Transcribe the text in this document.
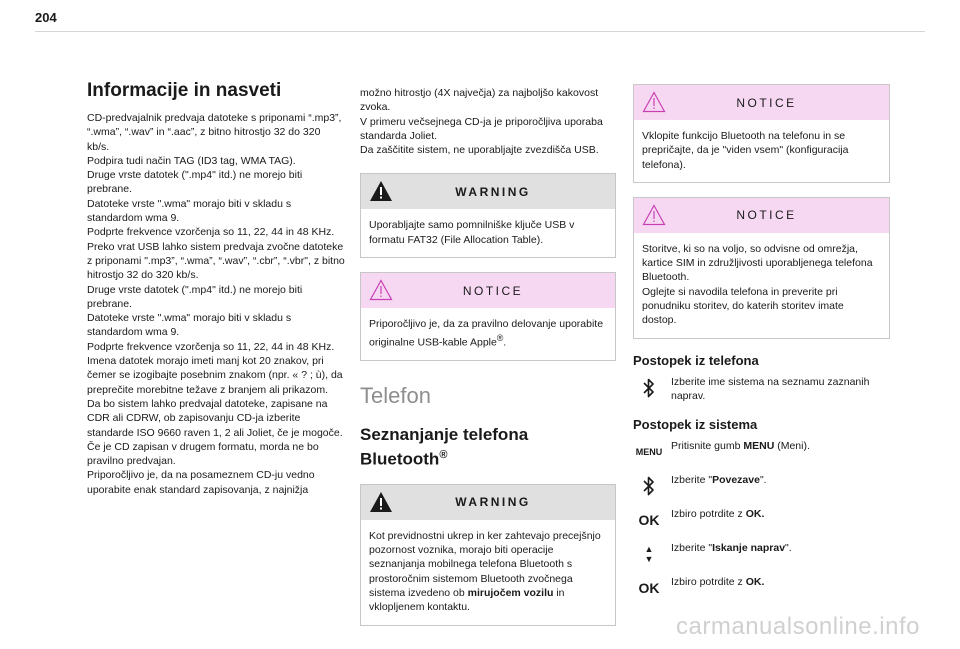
204
Informacije in nasveti
CD-predvajalnik predvaja datoteke s priponami “.mp3”, “.wma”, “.wav” in “.aac”, z bitno hitrostjo 32 do 320 kb/s.
Podpira tudi način TAG (ID3 tag, WMA TAG).
Druge vrste datotek (".mp4" itd.) ne morejo biti prebrane.
Datoteke vrste ".wma" morajo biti v skladu s standardom wma 9.
Podprte frekvence vzorčenja so 11, 22, 44 in 48 KHz.
Preko vrat USB lahko sistem predvaja zvočne datoteke z priponami ".mp3”, “.wma”, “.wav”, “.cbr”, “.vbr", z bitno hitrostjo 32 do 320 kb/s.
Druge vrste datotek (".mp4" itd.) ne morejo biti prebrane.
Datoteke vrste ".wma" morajo biti v skladu s standardom wma 9.
Podprte frekvence vzorčenja so 11, 22, 44 in 48 KHz.
Imena datotek morajo imeti manj kot 20 znakov, pri čemer se izogibajte posebnim znakom (npr. « ? ; ù), da preprečite morebitne težave z branjem ali prikazom.
Da bo sistem lahko predvajal datoteke, zapisane na CDR ali CDRW, ob zapisovanju CD-ja izberite standarde ISO 9660 raven 1, 2 ali Joliet, če je mogoče.
Če je CD zapisan v drugem formatu, morda ne bo pravilno predvajan.
Priporočljivo je, da na posameznem CD-ju vedno uporabite enak standard zapisovanja, z najnižja
možno hitrostjo (4X največja) za najboljšo kakovost zvoka.
V primeru večsejnega CD-ja je priporočljiva uporaba standarda Joliet.
Da zaščitite sistem, ne uporabljajte zvezdišča USB.
WARNING
Uporabljajte samo pomnilniške ključe USB v formatu FAT32 (File Allocation Table).
NOTICE
Priporočljivo je, da za pravilno delovanje uporabite originalne USB-kable Apple®.
Telefon
Seznanjanje telefona Bluetooth®
WARNING
Kot previdnostni ukrep in ker zahtevajo precejšnjo pozornost voznika, morajo biti operacije seznanjanja mobilnega telefona Bluetooth s prostoročnim sistemom Bluetooth zvočnega sistema izvedeno ob mirujočem vozilu in vklopljenem kontaktu.
NOTICE
Vklopite funkcijo Bluetooth na telefonu in se prepričajte, da je "viden vsem" (konfiguracija telefona).
NOTICE
Storitve, ki so na voljo, so odvisne od omrežja, kartice SIM in združljivosti uporabljenega telefona Bluetooth.
Oglejte si navodila telefona in preverite pri ponudniku storitev, do katerih storitev imate dostop.
Postopek iz telefona
Izberite ime sistema na seznamu zaznanih naprav.
Postopek iz sistema
MENU Pritisnite gumb MENU (Meni).
Izberite "Povezave".
OK	Izbiro potrdite z OK.
▲
▼
Izberite "Iskanje naprav".
OK	Izbiro potrdite z OK.
carmanualsonline.info
